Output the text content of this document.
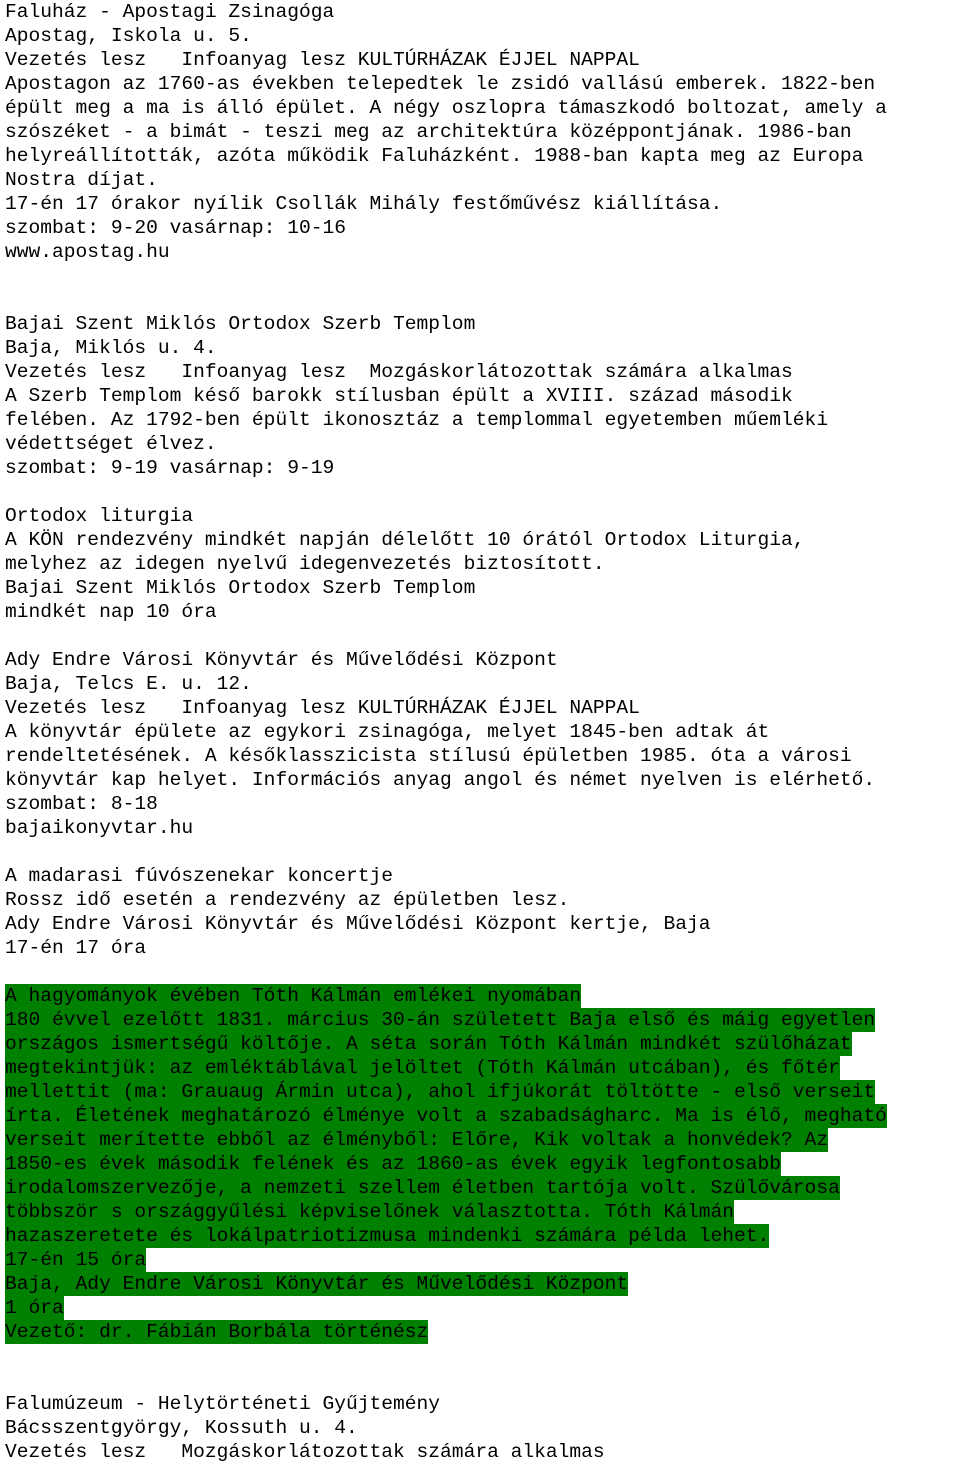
Faluház - Apostagi Zsinagóga
Apostag, Iskola u. 5.
Vezetés lesz   Infoanyag lesz KULTÚRHÁZAK ÉJJEL NAPPAL
Apostagon az 1760-as években telepedtek le zsidó vallású emberek. 1822-ben
épült meg a ma is álló épület. A négy oszlopra támaszkodó boltozat, amely a
szószéket - a bimát - teszi meg az architektúra középpontjának. 1986-ban
helyreállították, azóta működik Faluházként. 1988-ban kapta meg az Europa
Nostra díjat.
17-én 17 órakor nyílik Csollák Mihály festőművész kiállítása.
szombat: 9-20 vasárnap: 10-16
www.apostag.hu
Bajai Szent Miklós Ortodox Szerb Templom
Baja, Miklós u. 4.
Vezetés lesz   Infoanyag lesz  Mozgáskorlátozottak számára alkalmas
A Szerb Templom késő barokk stílusban épült a XVIII. század második
felében. Az 1792-ben épült ikonosztáz a templommal egyetemben műemléki
védettséget élvez.
szombat: 9-19 vasárnap: 9-19
Ortodox liturgia
A KÖN rendezvény mindkét napján délelőtt 10 órától Ortodox Liturgia,
melyhez az idegen nyelvű idegenvezetés biztosított.
Bajai Szent Miklós Ortodox Szerb Templom
mindkét nap 10 óra
Ady Endre Városi Könyvtár és Művelődési Központ
Baja, Telcs E. u. 12.
Vezetés lesz   Infoanyag lesz KULTÚRHÁZAK ÉJJEL NAPPAL
A könyvtár épülete az egykori zsinagóga, melyet 1845-ben adtak át
rendeltetésének. A későklasszicista stílusú épületben 1985. óta a városi
könyvtár kap helyet. Információs anyag angol és német nyelven is elérhető.
szombat: 8-18
bajaikonyvtar.hu
A madarasi fúvószenekar koncertje
Rossz idő esetén a rendezvény az épületben lesz.
Ady Endre Városi Könyvtár és Művelődési Központ kertje, Baja
17-én 17 óra
A hagyományok évében Tóth Kálmán emlékei nyomában
180 évvel ezelőtt 1831. március 30-án született Baja első és máig egyetlen
országos ismertségű költője. A séta során Tóth Kálmán mindkét szülőházat
megtekintjük: az emléktáblával jelöltet (Tóth Kálmán utcában), és főtér
mellettit (ma: Grauaug Ármin utca), ahol ifjúkorát töltötte - első verseit
írta. Életének meghatározó élménye volt a szabadságharc. Ma is élő, megható
verseit merítette ebből az élményből: Előre, Kik voltak a honvédek? Az
1850-es évek második felének és az 1860-as évek egyik legfontosabb
irodalomszervezője, a nemzeti szellem életben tartója volt. Szülővárosa
többször s országgyűlési képviselőnek választotta. Tóth Kálmán
hazaszeretete és lokálpatriotizmusa mindenki számára példa lehet.
17-én 15 óra
Baja, Ady Endre Városi Könyvtár és Művelődési Központ
1 óra
Vezető: dr. Fábián Borbála történész
Falumúzeum - Helytörténeti Gyűjtemény
Bácsszentgyörgy, Kossuth u. 4.
Vezetés lesz   Mozgáskorlátozottak számára alkalmas
